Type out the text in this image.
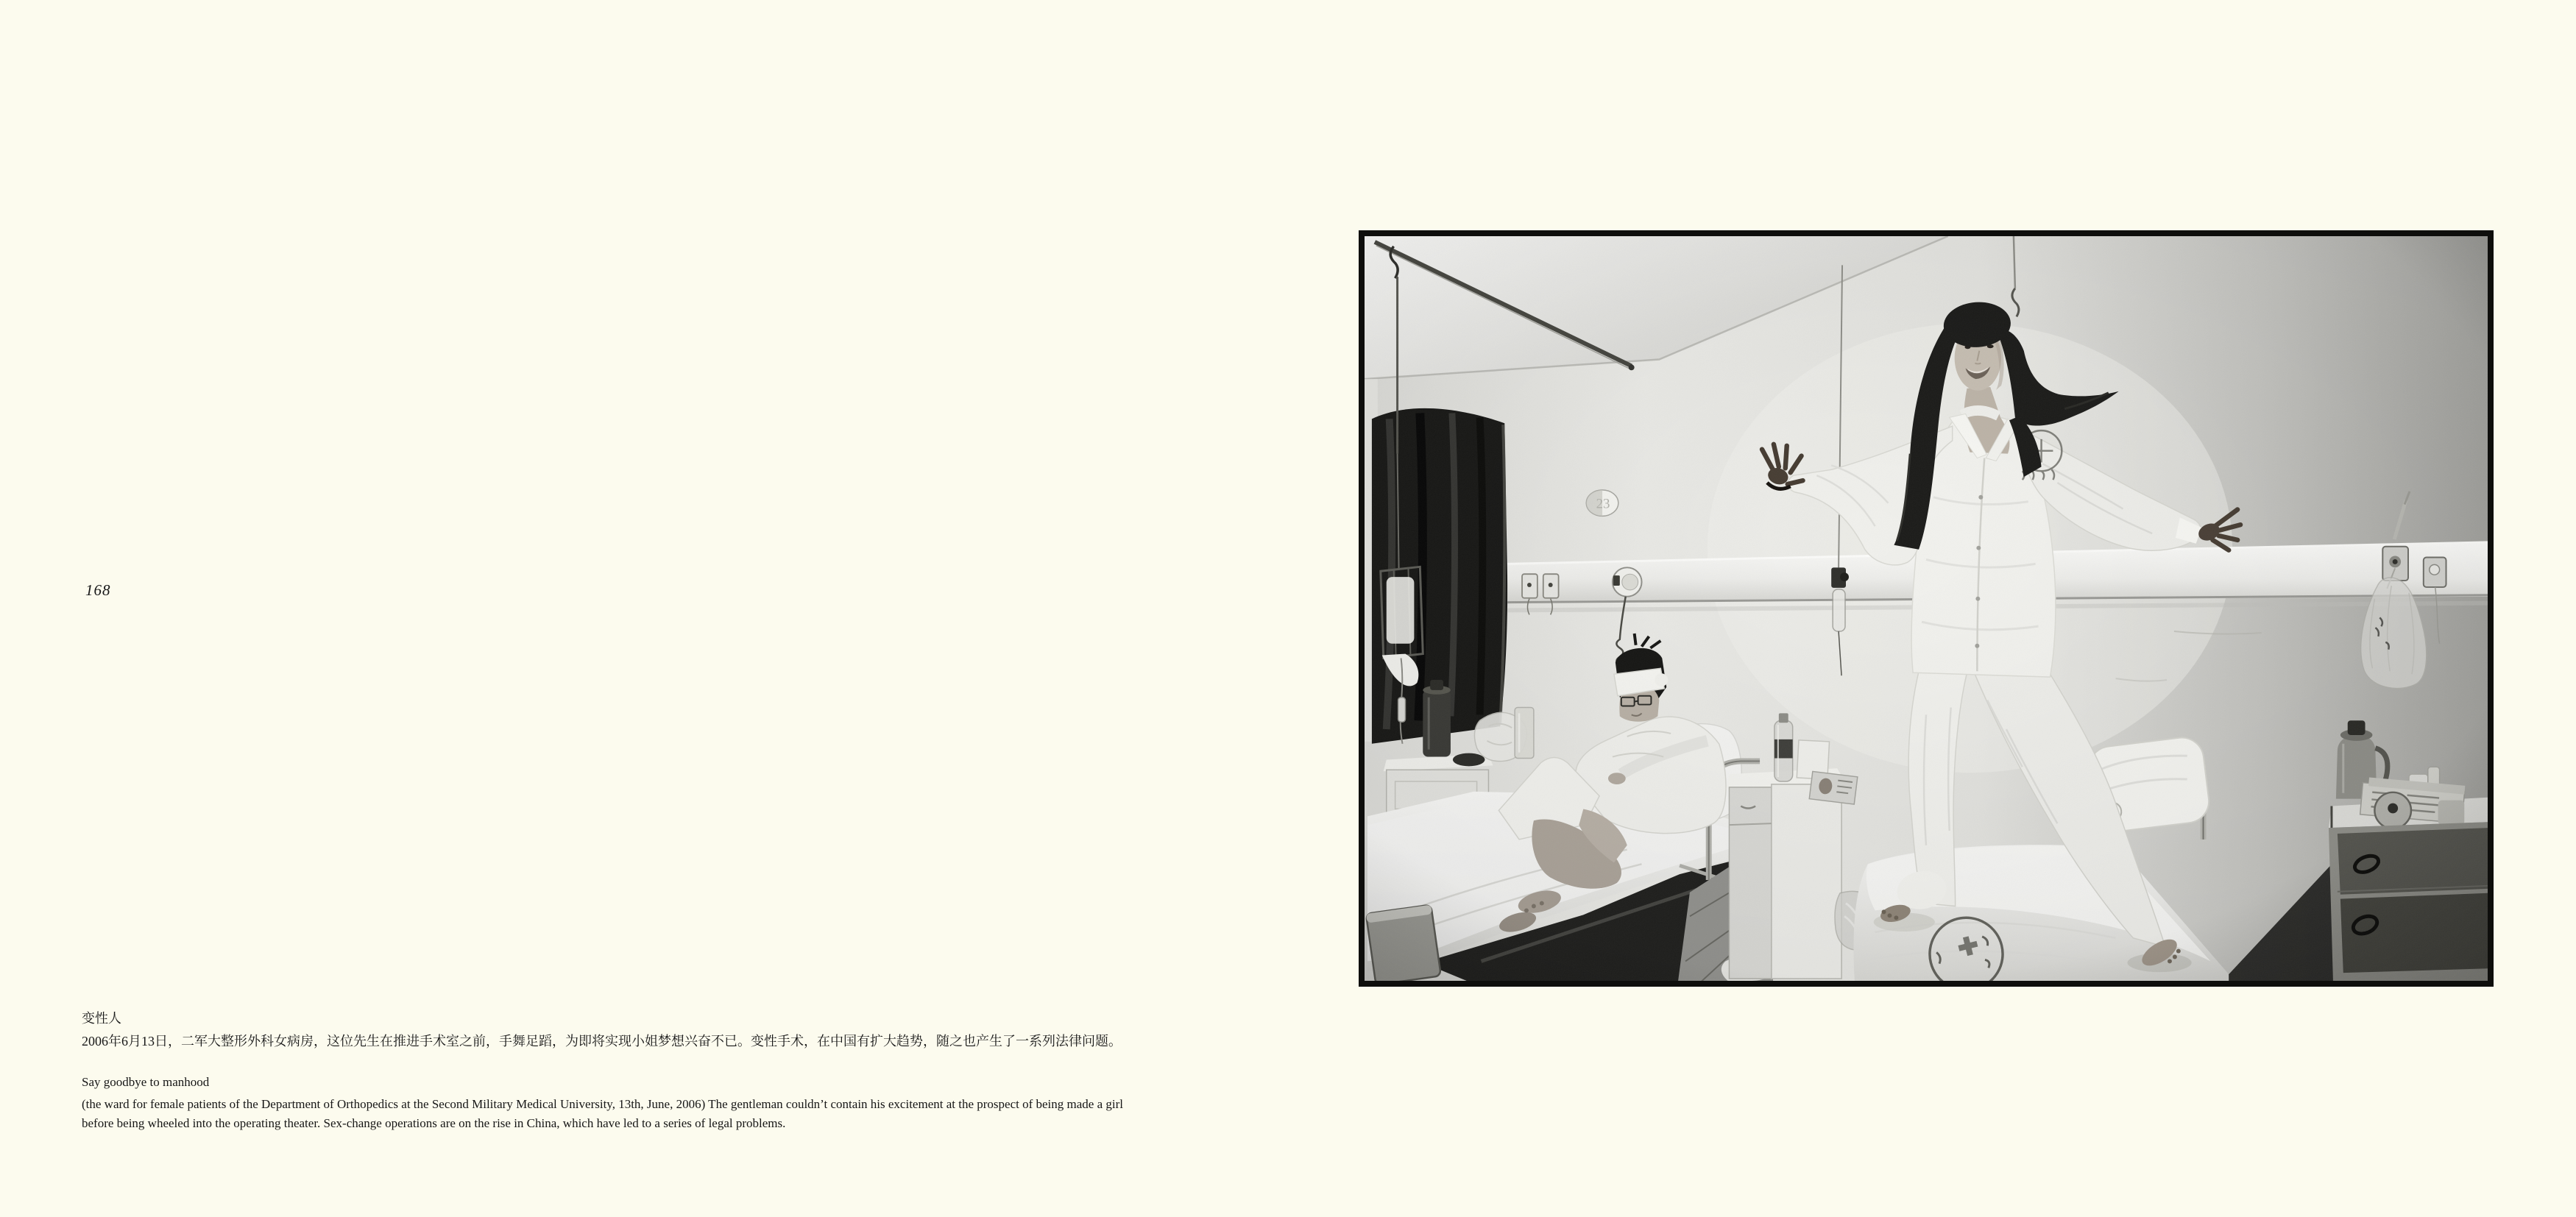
168
变性人
2006年6月13日，二军大整形外科女病房，这位先生在推进手术室之前，手舞足蹈，为即将实现小姐梦想兴奋不已。变性手术，在中国有扩大趋势，随之也产生了一系列法律问题。
Say goodbye to manhood
(the ward for female patients of the Department of Orthopedics at the Second Military Medical University, 13th, June, 2006) The gentleman couldn’t contain his excitement at the prospect of being made a girl
before being wheeled into the operating theater. Sex-change operations are on the rise in China, which have led to a series of legal problems.
